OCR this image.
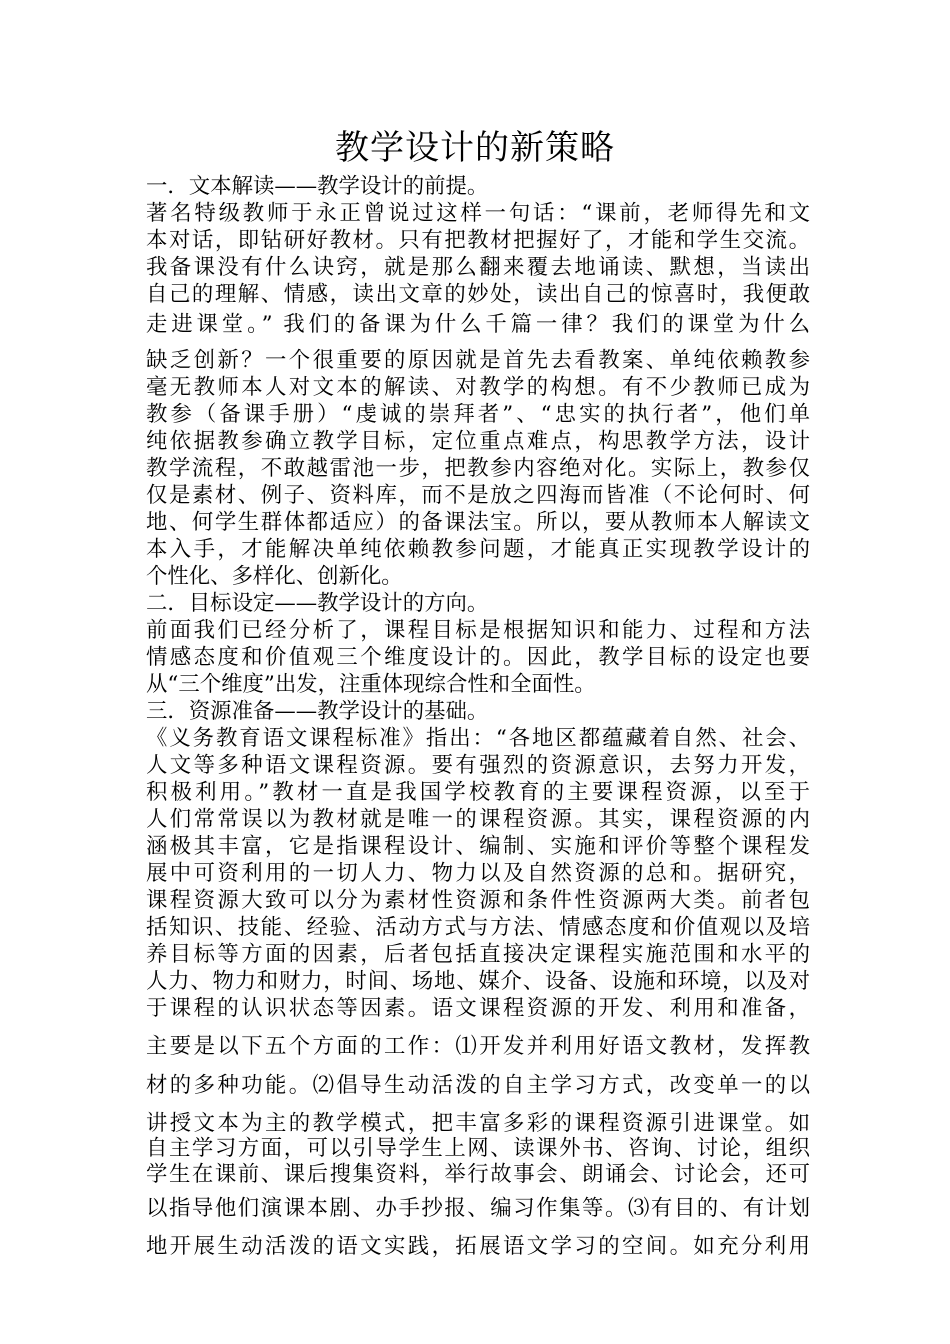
教学设计的新策略
一．文本解读——教学设计的前提。
著名特级教师于永正曾说过这样一句话：“课前，老师得先和文
本对话，即钻研好教材。只有把教材把握好了，才能和学生交流。
我备课没有什么诀窍，就是那么翻来覆去地诵读、默想，当读出
自己的理解、情感，读出文章的妙处，读出自己的惊喜时，我便敢
走进课堂。” 我们的备课为什么千篇一律？我们的课堂为什么
缺乏创新？一个很重要的原因就是首先去看教案、单纯依赖教参
毫无教师本人对文本的解读、对教学的构想。有不少教师已成为
教参（备课手册）“虔诚的崇拜者”、“忠实的执行者”，他们单
纯依据教参确立教学目标，定位重点难点，构思教学方法，设计
教学流程，不敢越雷池一步，把教参内容绝对化。实际上，教参仅
仅是素材、例子、资料库，而不是放之四海而皆准（不论何时、何
地、何学生群体都适应）的备课法宝。所以，要从教师本人解读文
本入手，才能解决单纯依赖教参问题，才能真正实现教学设计的
个性化、多样化、创新化。
二．目标设定——教学设计的方向。
前面我们已经分析了，课程目标是根据知识和能力、过程和方法
情感态度和价值观三个维度设计的。因此，教学目标的设定也要
从“三个维度”出发，注重体现综合性和全面性。
三．资源准备——教学设计的基础。
《义务教育语文课程标准》指出：“各地区都蕴藏着自然、社会、
人文等多种语文课程资源。要有强烈的资源意识，去努力开发，
积极利用。”教材一直是我国学校教育的主要课程资源，以至于
人们常常误以为教材就是唯一的课程资源。其实，课程资源的内
涵极其丰富，它是指课程设计、编制、实施和评价等整个课程发
展中可资利用的一切人力、物力以及自然资源的总和。据研究，
课程资源大致可以分为素材性资源和条件性资源两大类。前者包
括知识、技能、经验、活动方式与方法、情感态度和价值观以及培
养目标等方面的因素，后者包括直接决定课程实施范围和水平的
人力、物力和财力，时间、场地、媒介、设备、设施和环境，以及对
于课程的认识状态等因素。语文课程资源的开发、利用和准备，
主要是以下五个方面的工作：⑴开发并利用好语文教材，发挥教
材的多种功能。⑵倡导生动活泼的自主学习方式，改变单一的以
讲授文本为主的教学模式，把丰富多彩的课程资源引进课堂。如
自主学习方面，可以引导学生上网、读课外书、咨询、讨论，组织
学生在课前、课后搜集资料，举行故事会、朗诵会、讨论会，还可
以指导他们演课本剧、办手抄报、编习作集等。⑶有目的、有计划
地开展生动活泼的语文实践，拓展语文学习的空间。如充分利用
